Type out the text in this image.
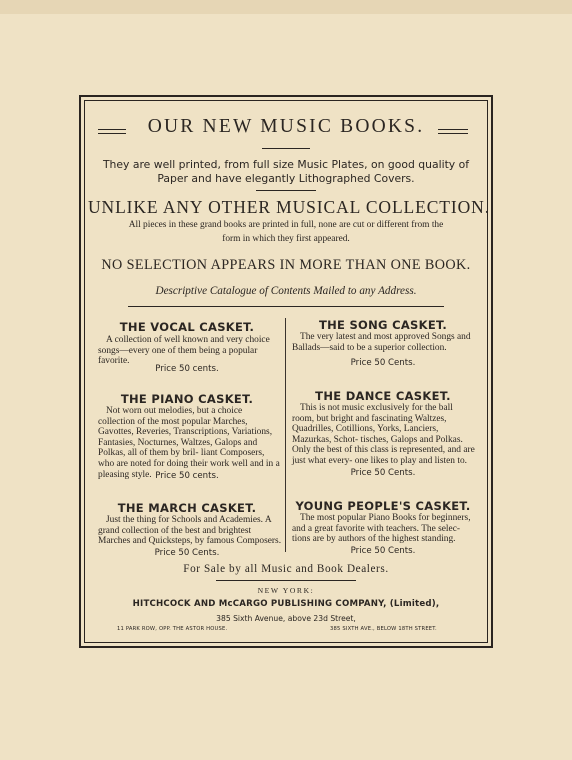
OUR NEW MUSIC BOOKS.
They are well printed, from full size Music Plates, on good quality of
Paper and have elegantly Lithographed Covers.
UNLIKE ANY OTHER MUSICAL COLLECTION.
All pieces in these grand books are printed in full, none are cut or different from the
form in which they first appeared.
NO SELECTION APPEARS IN MORE THAN ONE BOOK.
Descriptive Catalogue of Contents Mailed to any Address.
THE VOCAL CASKET.
A collection of well known and very choice songs—every one of them being a popular favorite.
Price 50 cents.
THE SONG CASKET.
The very latest and most approved Songs and Ballads—said to be a superior collection.
Price 50 Cents.
THE PIANO CASKET.
Not worn out melodies, but a choice collection of the most popular Marches, Gavottes, Reveries, Transcriptions, Variations, Fantasies, Nocturnes, Waltzes, Galops and Polkas, all of them by bril- liant Composers, who are noted for doing their work well and in a pleasing style. Price 50 cents.
THE DANCE CASKET.
This is not music exclusively for the ball room, but bright and fascinating Waltzes, Quadrilles, Cotillions, Yorks, Lanciers, Mazurkas, Schot- tisches, Galops and Polkas. Only the best of this class is represented, and are just what every- one likes to play and listen to.
Price 50 Cents.
THE MARCH CASKET.
Just the thing for Schools and Academies. A grand collection of the best and brightest Marches and Quicksteps, by famous Composers.
Price 50 Cents.
YOUNG PEOPLE'S CASKET.
The most popular Piano Books for beginners, and a great favorite with teachers. The selec- tions are by authors of the highest standing.
Price 50 Cents.
For Sale by all Music and Book Dealers.
NEW YORK:
HITCHCOCK AND McCARGO PUBLISHING COMPANY, (Limited),
385 Sixth Avenue, above 23d Street,
11 PARK ROW, OPP. THE ASTOR HOUSE.	385 SIXTH AVE., BELOW 18TH STREET.
